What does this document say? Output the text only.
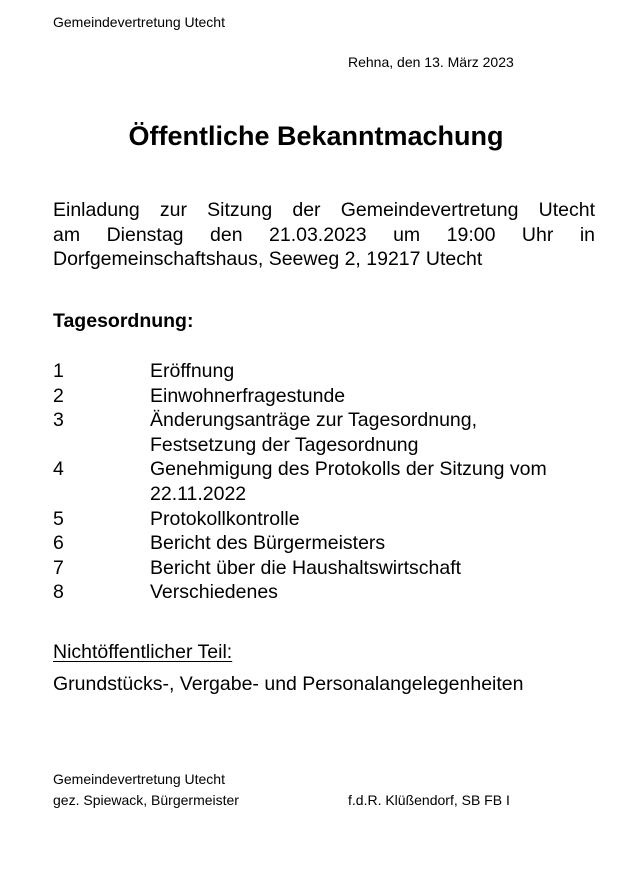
Gemeindevertretung Utecht
Rehna, den 13. März 2023
Öffentliche Bekanntmachung
Einladung zur Sitzung der Gemeindevertretung Utecht
am Dienstag den 21.03.2023 um 19:00 Uhr in
Dorfgemeinschaftshaus, Seeweg 2, 19217 Utecht
Tagesordnung:
1	Eröffnung
2	Einwohnerfragestunde
3	Änderungsanträge zur Tagesordnung,
Festsetzung der Tagesordnung
4	Genehmigung des Protokolls der Sitzung vom
22.11.2022
5	Protokollkontrolle
6	Bericht des Bürgermeisters
7	Bericht über die Haushaltswirtschaft
8	Verschiedenes
Nichtöffentlicher Teil:
Grundstücks-, Vergabe- und Personalangelegenheiten
Gemeindevertretung Utecht
gez. Spiewack, Bürgermeister	f.d.R. Klüßendorf, SB FB I
